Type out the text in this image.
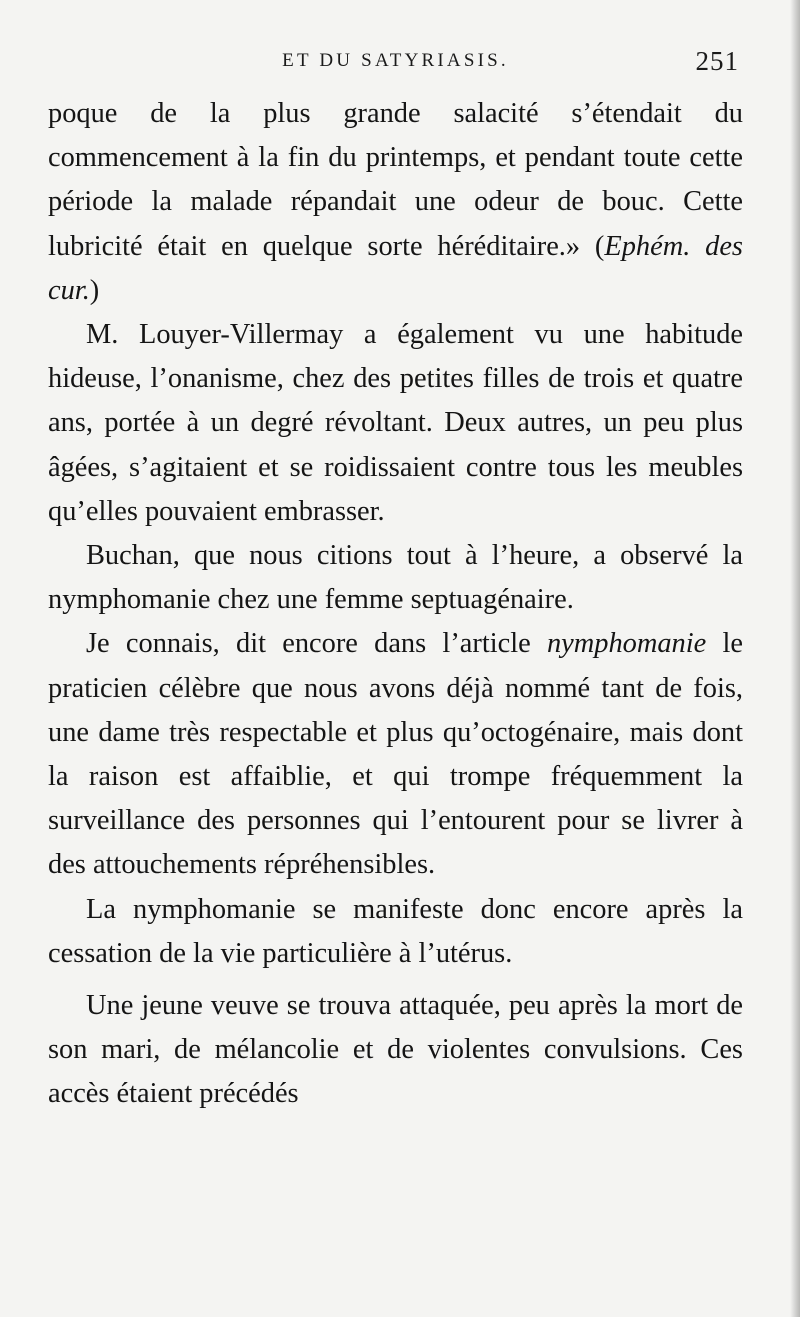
ET DU SATYRIASIS.	251

poque de la plus grande salacité s’étendait du commencement à la fin du printemps, et pendant toute cette période la malade répandait une odeur de bouc. Cette lubricité était en quelque sorte héréditaire.» (Ephém. des cur.)

M. Louyer-Villermay a également vu une habitude hideuse, l’onanisme, chez des petites filles de trois et quatre ans, portée à un degré révoltant. Deux autres, un peu plus âgées, s’agitaient et se roidissaient contre tous les meubles qu’elles pouvaient embrasser.

Buchan, que nous citions tout à l’heure, a observé la nymphomanie chez une femme septuagénaire.

Je connais, dit encore dans l’article nymphomanie le praticien célèbre que nous avons déjà nommé tant de fois, une dame très respectable et plus qu’octogénaire, mais dont la raison est affaiblie, et qui trompe fréquemment la surveillance des personnes qui l’entourent pour se livrer à des attouchements répréhensibles.

La nymphomanie se manifeste donc encore après la cessation de la vie particulière à l’utérus.

Une jeune veuve se trouva attaquée, peu après la mort de son mari, de mélancolie et de violentes convulsions. Ces accès étaient précédés
